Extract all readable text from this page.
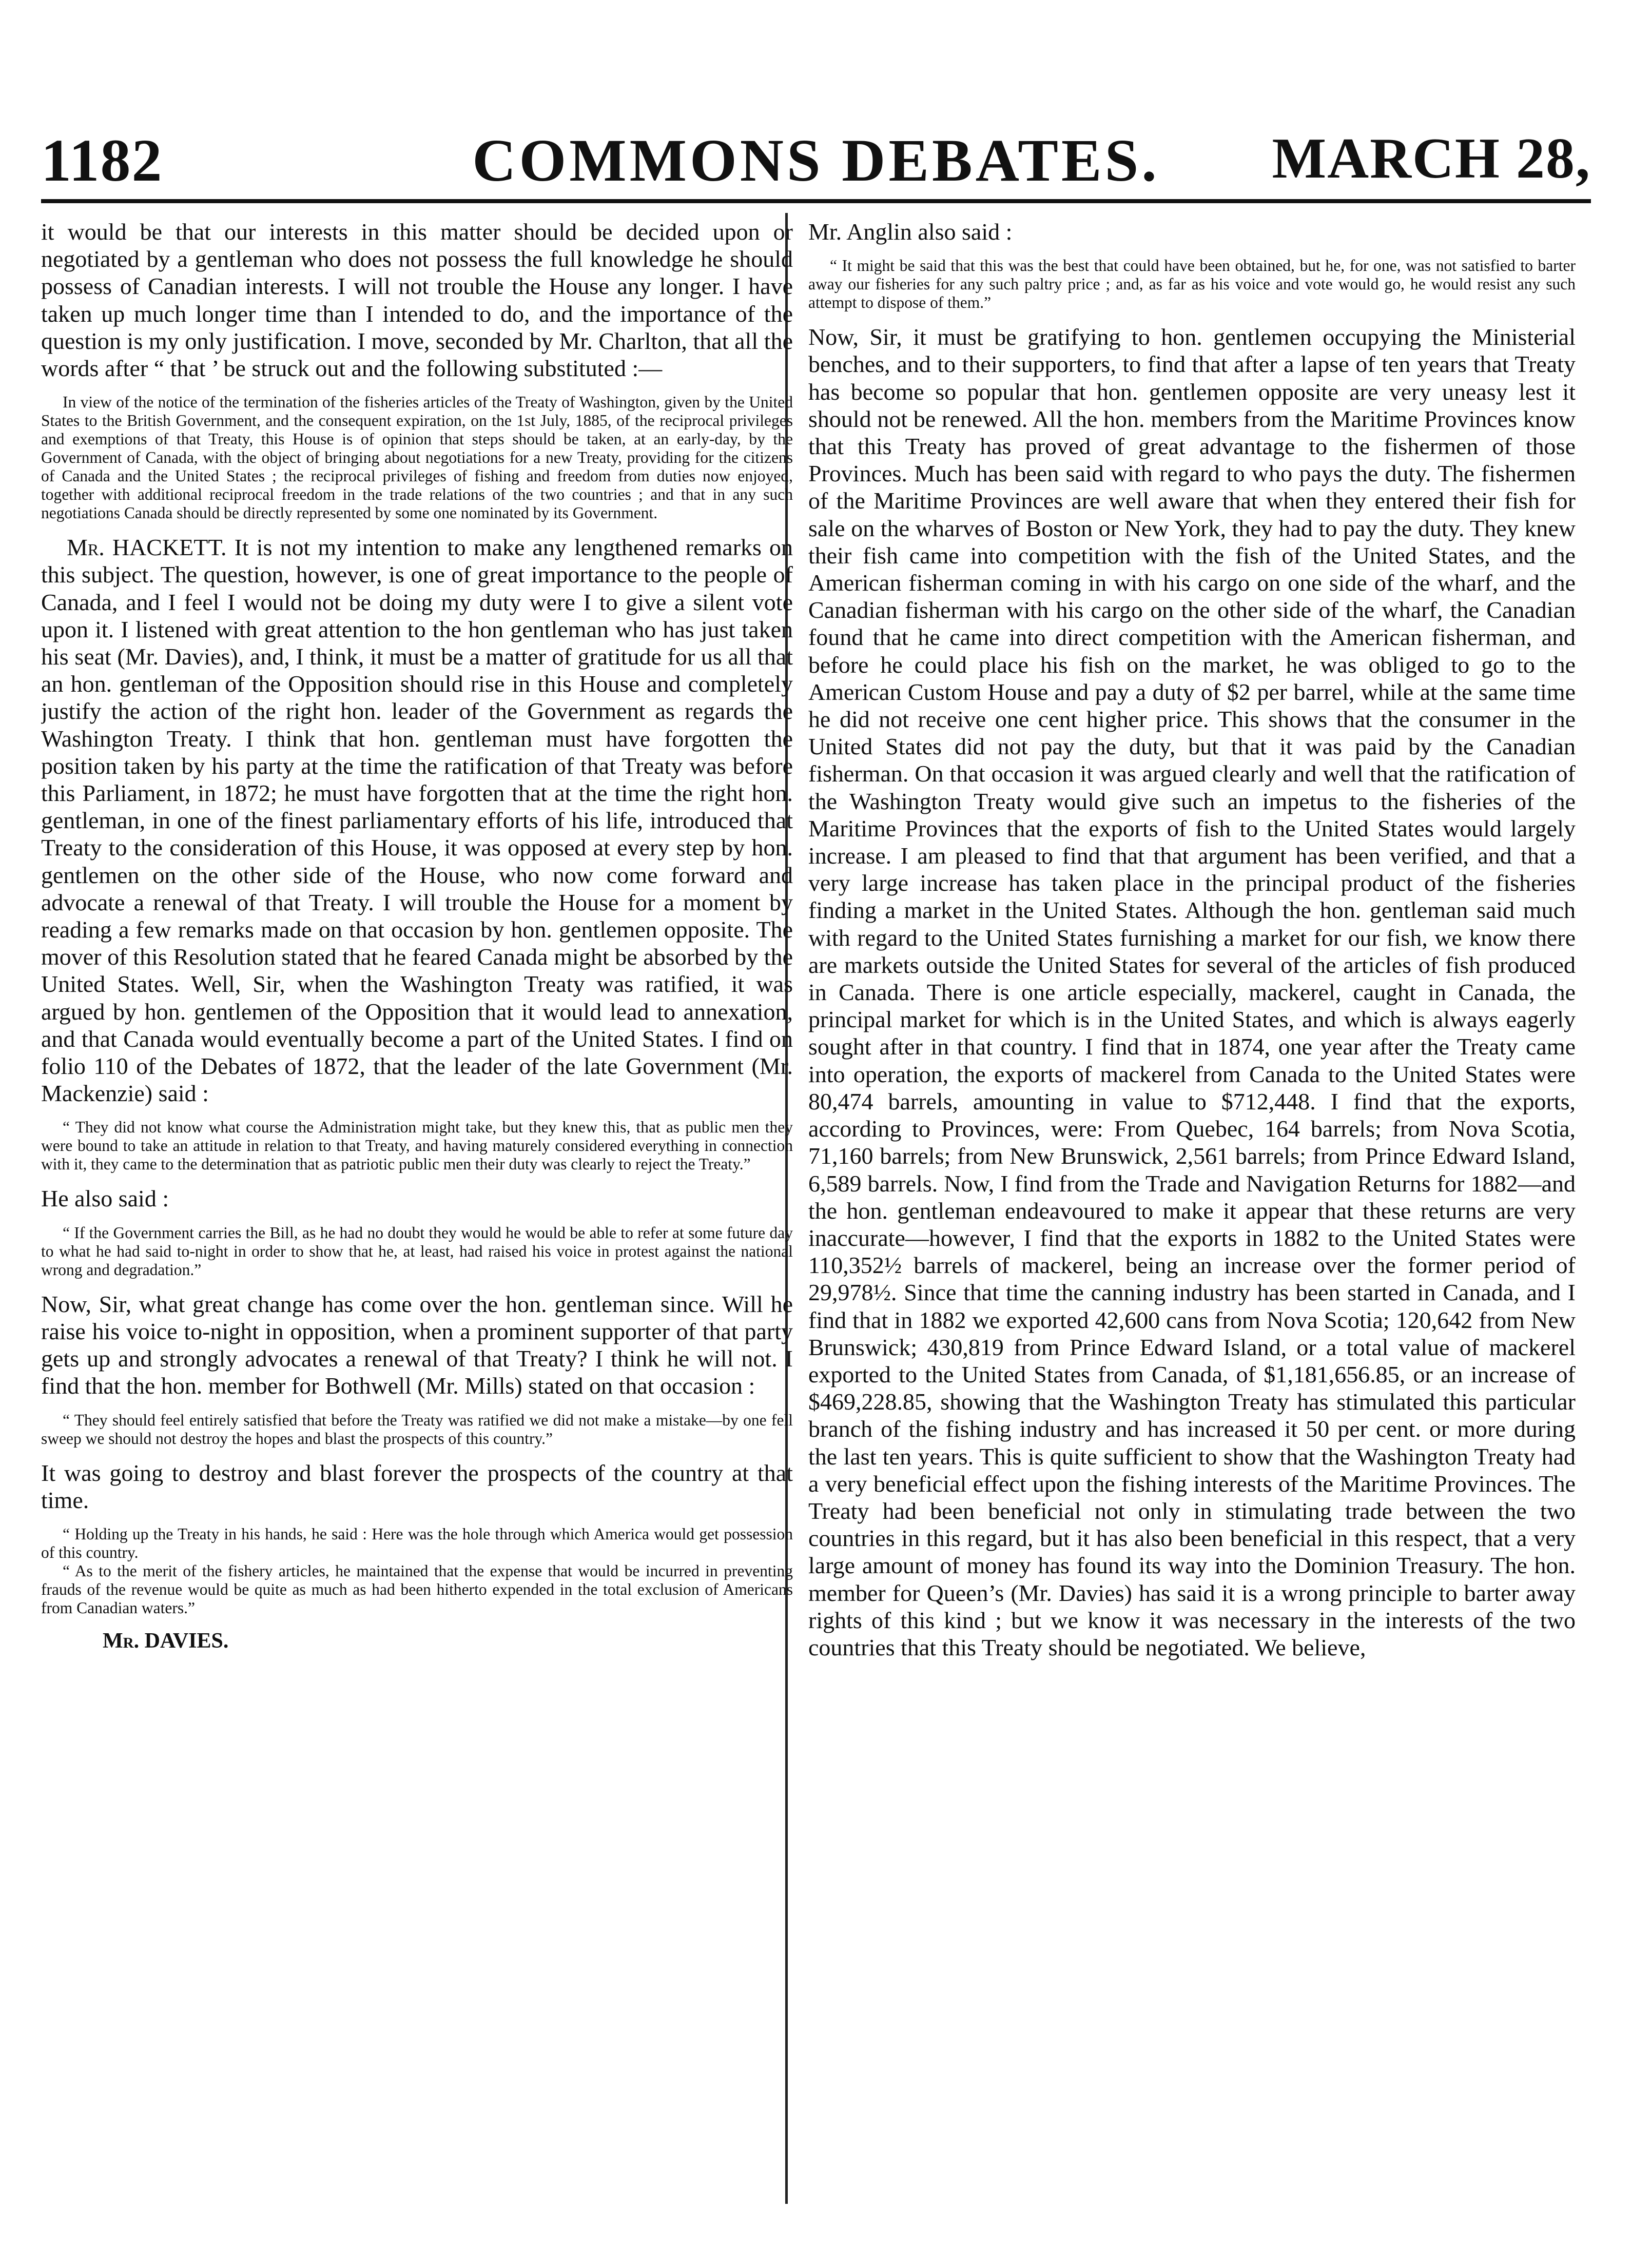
1182	COMMONS DEBATES.	MARCH 28,

it would be that our interests in this matter should be decided upon or negotiated by a gentleman who does not possess the full knowledge he should possess of Canadian interests. I will not trouble the House any longer. I have taken up much longer time than I intended to do, and the importance of the question is my only justification. I move, seconded by Mr. Charlton, that all the words after “ that ’ be struck out and the following substituted :—

In view of the notice of the termination of the fisheries articles of the Treaty of Washington, given by the United States to the British Government, and the consequent expiration, on the 1st July, 1885, of the reciprocal privileges and exemptions of that Treaty, this House is of opinion that steps should be taken, at an early-day, by the Government of Canada, with the object of bringing about negotiations for a new Treaty, providing for the citizens of Canada and the United States ; the reciprocal privileges of fishing and freedom from duties now enjoyed, together with additional reciprocal freedom in the trade relations of the two countries ; and that in any such negotiations Canada should be directly represented by some one nominated by its Government.

Mr. HACKETT. It is not my intention to make any lengthened remarks on this subject. The question, however, is one of great importance to the people of Canada, and I feel I would not be doing my duty were I to give a silent vote upon it. I listened with great attention to the hon gentleman who has just taken his seat (Mr. Davies), and, I think, it must be a matter of gratitude for us all that an hon. gentleman of the Opposition should rise in this House and completely justify the action of the right hon. leader of the Government as regards the Washington Treaty. I think that hon. gentleman must have forgotten the position taken by his party at the time the ratification of that Treaty was before this Parliament, in 1872; he must have forgotten that at the time the right hon. gentleman, in one of the finest parliamentary efforts of his life, introduced that Treaty to the consideration of this House, it was opposed at every step by hon. gentlemen on the other side of the House, who now come forward and advocate a renewal of that Treaty. I will trouble the House for a moment by reading a few remarks made on that occasion by hon. gentlemen opposite. The mover of this Resolution stated that he feared Canada might be absorbed by the United States. Well, Sir, when the Washington Treaty was ratified, it was argued by hon. gentlemen of the Opposition that it would lead to annexation, and that Canada would eventually become a part of the United States. I find on folio 110 of the Debates of 1872, that the leader of the late Government (Mr. Mackenzie) said :

“ They did not know what course the Administration might take, but they knew this, that as public men they were bound to take an attitude in relation to that Treaty, and having maturely considered everything in connection with it, they came to the determination that as patriotic public men their duty was clearly to reject the Treaty.”

He also said :

“ If the Government carries the Bill, as he had no doubt they would he would be able to refer at some future day to what he had said to-night in order to show that he, at least, had raised his voice in protest against the national wrong and degradation.”

Now, Sir, what great change has come over the hon. gentleman since. Will he raise his voice to-night in opposition, when a prominent supporter of that party gets up and strongly advocates a renewal of that Treaty? I think he will not. I find that the hon. member for Bothwell (Mr. Mills) stated on that occasion :

“ They should feel entirely satisfied that before the Treaty was ratified we did not make a mistake—by one fell sweep we should not destroy the hopes and blast the prospects of this country.”

It was going to destroy and blast forever the prospects of the country at that time.

“ Holding up the Treaty in his hands, he said : Here was the hole through which America would get possession of this country.

“ As to the merit of the fishery articles, he maintained that the expense that would be incurred in preventing frauds of the revenue would be quite as much as had been hitherto expended in the total exclusion of Americans from Canadian waters.”

Mr. DAVIES.

Mr. Anglin also said :

“ It might be said that this was the best that could have been obtained, but he, for one, was not satisfied to barter away our fisheries for any such paltry price ; and, as far as his voice and vote would go, he would resist any such attempt to dispose of them.”

Now, Sir, it must be gratifying to hon. gentlemen occupying the Ministerial benches, and to their supporters, to find that after a lapse of ten years that Treaty has become so popular that hon. gentlemen opposite are very uneasy lest it should not be renewed. All the hon. members from the Maritime Provinces know that this Treaty has proved of great advantage to the fishermen of those Provinces. Much has been said with regard to who pays the duty. The fishermen of the Maritime Provinces are well aware that when they entered their fish for sale on the wharves of Boston or New York, they had to pay the duty. They knew their fish came into competition with the fish of the United States, and the American fisherman coming in with his cargo on one side of the wharf, and the Canadian fisherman with his cargo on the other side of the wharf, the Canadian found that he came into direct competition with the American fisherman, and before he could place his fish on the market, he was obliged to go to the American Custom House and pay a duty of $2 per barrel, while at the same time he did not receive one cent higher price. This shows that the consumer in the United States did not pay the duty, but that it was paid by the Canadian fisherman. On that occasion it was argued clearly and well that the ratification of the Washington Treaty would give such an impetus to the fisheries of the Maritime Provinces that the exports of fish to the United States would largely increase. I am pleased to find that that argument has been verified, and that a very large increase has taken place in the principal product of the fisheries finding a market in the United States. Although the hon. gentleman said much with regard to the United States furnishing a market for our fish, we know there are markets outside the United States for several of the articles of fish produced in Canada. There is one article especially, mackerel, caught in Canada, the principal market for which is in the United States, and which is always eagerly sought after in that country. I find that in 1874, one year after the Treaty came into operation, the exports of mackerel from Canada to the United States were 80,474 barrels, amounting in value to $712,448. I find that the exports, according to Provinces, were: From Quebec, 164 barrels; from Nova Scotia, 71,160 barrels; from New Brunswick, 2,561 barrels; from Prince Edward Island, 6,589 barrels. Now, I find from the Trade and Navigation Returns for 1882—and the hon. gentleman endeavoured to make it appear that these returns are very inaccurate—however, I find that the exports in 1882 to the United States were 110,352½ barrels of mackerel, being an increase over the former period of 29,978½. Since that time the canning industry has been started in Canada, and I find that in 1882 we exported 42,600 cans from Nova Scotia; 120,642 from New Brunswick; 430,819 from Prince Edward Island, or a total value of mackerel exported to the United States from Canada, of $1,181,656.85, or an increase of $469,228.85, showing that the Washington Treaty has stimulated this particular branch of the fishing industry and has increased it 50 per cent. or more during the last ten years. This is quite sufficient to show that the Washington Treaty had a very beneficial effect upon the fishing interests of the Maritime Provinces. The Treaty had been beneficial not only in stimulating trade between the two countries in this regard, but it has also been beneficial in this respect, that a very large amount of money has found its way into the Dominion Treasury. The hon. member for Queen’s (Mr. Davies) has said it is a wrong principle to barter away rights of this kind ; but we know it was necessary in the interests of the two countries that this Treaty should be negotiated. We believe,
